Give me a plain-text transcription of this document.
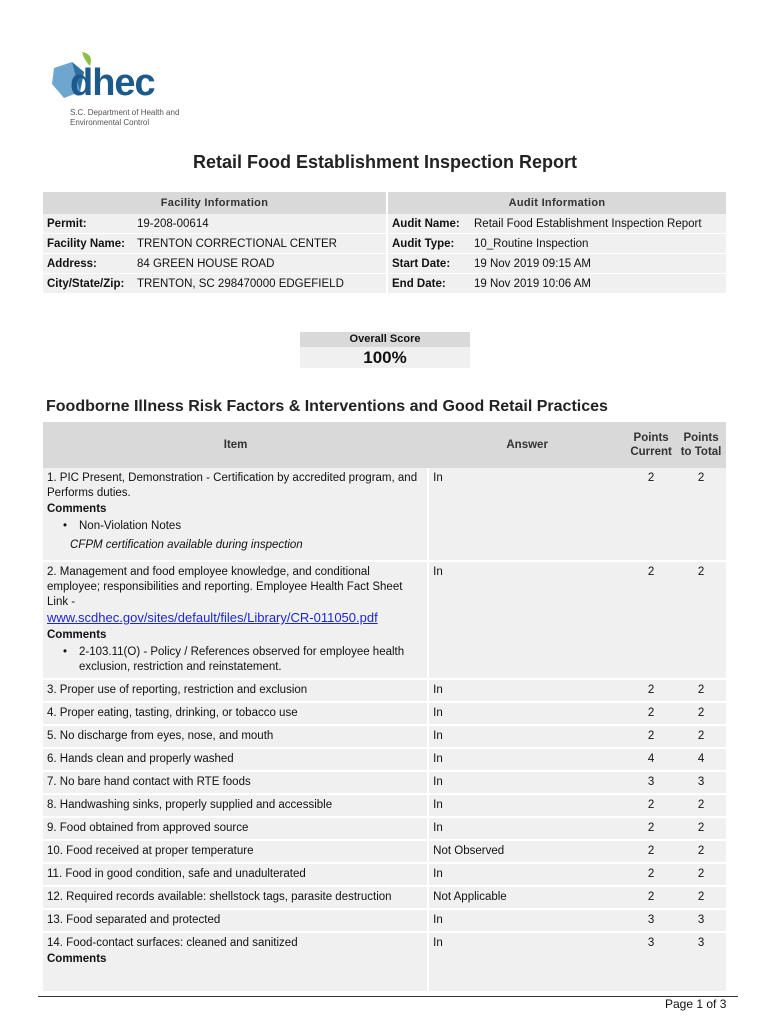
dhec
S.C. Department of Health and Environmental Control
Retail Food Establishment Inspection Report
Facility Information		Audit Information	
Permit:	19-208-00614	Audit Name:	Retail Food Establishment Inspection Report
Facility Name:	TRENTON CORRECTIONAL CENTER	Audit Type:	10_Routine Inspection
Address:	84 GREEN HOUSE ROAD	Start Date:	19 Nov 2019 09:15 AM
City/State/Zip:	TRENTON, SC 298470000 EDGEFIELD	End Date:	19 Nov 2019 10:06 AM
Overall Score
100%
Foodborne Illness Risk Factors & Interventions and Good Retail Practices
Item	Answer	Points Current	Points to Total

1. PIC Present, Demonstration - Certification by accredited program, and Performs duties.
Comments
• Non-Violation Notes
CFPM certification available during inspection	In	2	2

2. Management and food employee knowledge, and conditional employee; responsibilities and reporting. Employee Health Fact Sheet Link -
www.scdhec.gov/sites/default/files/Library/CR-011050.pdf
Comments
• 2-103.11(O) - Policy / References observed for employee health exclusion, restriction and reinstatement.	In	2	2
3. Proper use of reporting, restriction and exclusion	In	2	2
4. Proper eating, tasting, drinking, or tobacco use	In	2	2
5. No discharge from eyes, nose, and mouth	In	2	2
6. Hands clean and properly washed	In	4	4
7. No bare hand contact with RTE foods	In	3	3
8. Handwashing sinks, properly supplied and accessible	In	2	2
9. Food obtained from approved source	In	2	2
10. Food received at proper temperature	Not Observed	2	2
11. Food in good condition, safe and unadulterated	In	2	2
12. Required records available: shellstock tags, parasite destruction	Not Applicable	2	2
13. Food separated and protected	In	3	3

14. Food-contact surfaces: cleaned and sanitized
Comments	In	3	3
Page 1 of 3
